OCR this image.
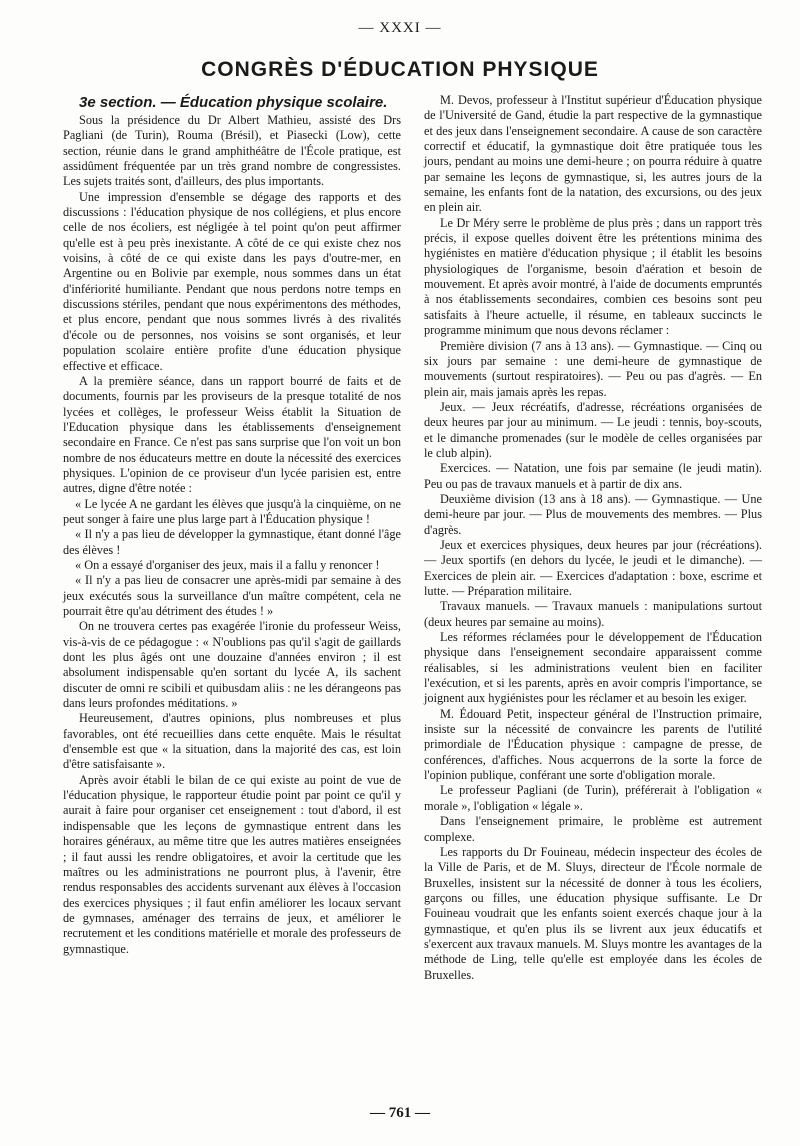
— XXXI —
CONGRÈS D'ÉDUCATION PHYSIQUE

3e section. — Éducation physique scolaire.

Sous la présidence du Dr Albert Mathieu, assisté des Drs Pagliani (de Turin), Rouma (Brésil), et Piasecki (Low), cette section, réunie dans le grand amphithéâtre de l'École pratique, est assidûment fréquentée par un très grand nombre de congressistes. Les sujets traités sont, d'ailleurs, des plus importants.

Une impression d'ensemble se dégage des rapports et des discussions : l'éducation physique de nos collégiens, et plus encore celle de nos écoliers, est négligée à tel point qu'on peut affirmer qu'elle est à peu près inexistante. A côté de ce qui existe chez nos voisins, à côté de ce qui existe dans les pays d'outre-mer, en Argentine ou en Bolivie par exemple, nous sommes dans un état d'infériorité humiliante. Pendant que nous perdons notre temps en discussions stériles, pendant que nous expérimentons des méthodes, et plus encore, pendant que nous sommes livrés à des rivalités d'école ou de personnes, nos voisins se sont organisés, et leur population scolaire entière profite d'une éducation physique effective et efficace.

A la première séance, dans un rapport bourré de faits et de documents, fournis par les proviseurs de la presque totalité de nos lycées et collèges, le professeur Weiss établit la Situation de l'Education physique dans les établissements d'enseignement secondaire en France. Ce n'est pas sans surprise que l'on voit un bon nombre de nos éducateurs mettre en doute la nécessité des exercices physiques. L'opinion de ce proviseur d'un lycée parisien est, entre autres, digne d'être notée :

« Le lycée A ne gardant les élèves que jusqu'à la cinquième, on ne peut songer à faire une plus large part à l'Éducation physique !

« Il n'y a pas lieu de développer la gymnastique, étant donné l'âge des élèves !

« On a essayé d'organiser des jeux, mais il a fallu y renoncer !

« Il n'y a pas lieu de consacrer une après-midi par semaine à des jeux exécutés sous la surveillance d'un maître compétent, cela ne pourrait être qu'au détriment des études ! »

On ne trouvera certes pas exagérée l'ironie du professeur Weiss, vis-à-vis de ce pédagogue : « N'oublions pas qu'il s'agit de gaillards dont les plus âgés ont une douzaine d'années environ ; il est absolument indispensable qu'en sortant du lycée A, ils sachent discuter de omni re scibili et quibusdam aliis : ne les dérangeons pas dans leurs profondes méditations. »

Heureusement, d'autres opinions, plus nombreuses et plus favorables, ont été recueillies dans cette enquête. Mais le résultat d'ensemble est que « la situation, dans la majorité des cas, est loin d'être satisfaisante ».

Après avoir établi le bilan de ce qui existe au point de vue de l'éducation physique, le rapporteur étudie point par point ce qu'il y aurait à faire pour organiser cet enseignement : tout d'abord, il est indispensable que les leçons de gymnastique entrent dans les horaires généraux, au même titre que les autres matières enseignées ; il faut aussi les rendre obligatoires, et avoir la certitude que les maîtres ou les administrations ne pourront plus, à l'avenir, être rendus responsables des accidents survenant aux élèves à l'occasion des exercices physiques ; il faut enfin améliorer les locaux servant de gymnases, aménager des terrains de jeux, et améliorer le recrutement et les conditions matérielle et morale des professeurs de gymnastique.

M. Devos, professeur à l'Institut supérieur d'Éducation physique de l'Université de Gand, étudie la part respective de la gymnastique et des jeux dans l'enseignement secondaire. A cause de son caractère correctif et éducatif, la gymnastique doit être pratiquée tous les jours, pendant au moins une demi-heure ; on pourra réduire à quatre par semaine les leçons de gymnastique, si, les autres jours de la semaine, les enfants font de la natation, des excursions, ou des jeux en plein air.

Le Dr Méry serre le problème de plus près ; dans un rapport très précis, il expose quelles doivent être les prétentions minima des hygiénistes en matière d'éducation physique ; il établit les besoins physiologiques de l'organisme, besoin d'aération et besoin de mouvement. Et après avoir montré, à l'aide de documents empruntés à nos établissements secondaires, combien ces besoins sont peu satisfaits à l'heure actuelle, il résume, en tableaux succincts le programme minimum que nous devons réclamer :

Première division (7 ans à 13 ans). — Gymnastique. — Cinq ou six jours par semaine : une demi-heure de gymnastique de mouvements (surtout respiratoires). — Peu ou pas d'agrès. — En plein air, mais jamais après les repas.

Jeux. — Jeux récréatifs, d'adresse, récréations organisées de deux heures par jour au minimum. — Le jeudi : tennis, boy-scouts, et le dimanche promenades (sur le modèle de celles organisées par le club alpin).

Exercices. — Natation, une fois par semaine (le jeudi matin). Peu ou pas de travaux manuels et à partir de dix ans.

Deuxième division (13 ans à 18 ans). — Gymnastique. — Une demi-heure par jour. — Plus de mouvements des membres. — Plus d'agrès.

Jeux et exercices physiques, deux heures par jour (récréations). — Jeux sportifs (en dehors du lycée, le jeudi et le dimanche). — Exercices de plein air. — Exercices d'adaptation : boxe, escrime et lutte. — Préparation militaire.

Travaux manuels. — Travaux manuels : manipulations surtout (deux heures par semaine au moins).

Les réformes réclamées pour le développement de l'Éducation physique dans l'enseignement secondaire apparaissent comme réalisables, si les administrations veulent bien en faciliter l'exécution, et si les parents, après en avoir compris l'importance, se joignent aux hygiénistes pour les réclamer et au besoin les exiger.

M. Édouard Petit, inspecteur général de l'Instruction primaire, insiste sur la nécessité de convaincre les parents de l'utilité primordiale de l'Éducation physique : campagne de presse, de conférences, d'affiches. Nous acquerrons de la sorte la force de l'opinion publique, conférant une sorte d'obligation morale.

Le professeur Pagliani (de Turin), préférerait à l'obligation « morale », l'obligation « légale ».

Dans l'enseignement primaire, le problème est autrement complexe.

Les rapports du Dr Fouineau, médecin inspecteur des écoles de la Ville de Paris, et de M. Sluys, directeur de l'École normale de Bruxelles, insistent sur la nécessité de donner à tous les écoliers, garçons ou filles, une éducation physique suffisante. Le Dr Fouineau voudrait que les enfants soient exercés chaque jour à la gymnastique, et qu'en plus ils se livrent aux jeux éducatifs et s'exercent aux travaux manuels. M. Sluys montre les avantages de la méthode de Ling, telle qu'elle est employée dans les écoles de Bruxelles.

— 761 —
